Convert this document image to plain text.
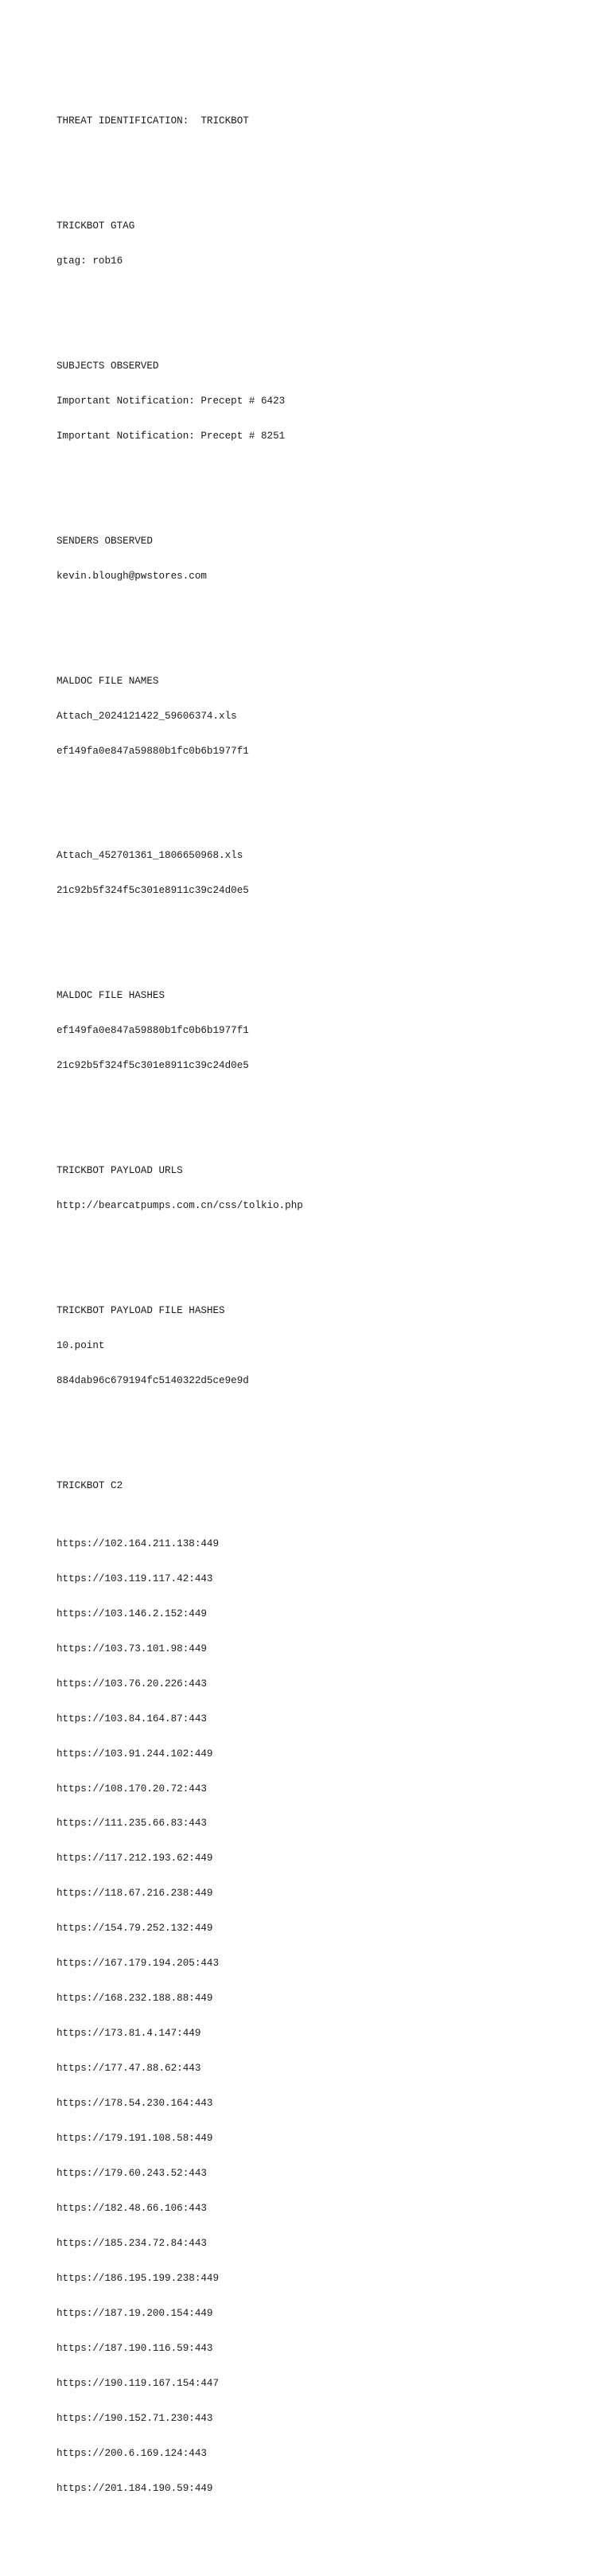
THREAT IDENTIFICATION:  TRICKBOT

TRICKBOT GTAG

gtag: rob16

SUBJECTS OBSERVED

Important Notification: Precept # 6423

Important Notification: Precept # 8251

SENDERS OBSERVED

kevin.blough@pwstores.com

MALDOC FILE NAMES

Attach_2024121422_59606374.xls

ef149fa0e847a59880b1fc0b6b1977f1

Attach_452701361_1806650968.xls

21c92b5f324f5c301e8911c39c24d0e5

MALDOC FILE HASHES

ef149fa0e847a59880b1fc0b6b1977f1

21c92b5f324f5c301e8911c39c24d0e5

TRICKBOT PAYLOAD URLS

http://bearcatpumps.com.cn/css/tolkio.php

TRICKBOT PAYLOAD FILE HASHES

10.point

884dab96c679194fc5140322d5ce9e9d

TRICKBOT C2

https://102.164.211.138:449

https://103.119.117.42:443

https://103.146.2.152:449

https://103.73.101.98:449

https://103.76.20.226:443

https://103.84.164.87:443

https://103.91.244.102:449

https://108.170.20.72:443

https://111.235.66.83:443

https://117.212.193.62:449

https://118.67.216.238:449

https://154.79.252.132:449

https://167.179.194.205:443

https://168.232.188.88:449

https://173.81.4.147:449

https://177.47.88.62:443

https://178.54.230.164:443

https://179.191.108.58:449

https://179.60.243.52:443

https://182.48.66.106:443

https://185.234.72.84:443

https://186.195.199.238:449

https://187.19.200.154:449

https://187.190.116.59:443

https://190.119.167.154:447

https://190.152.71.230:443

https://200.6.169.124:443

https://201.184.190.59:449
